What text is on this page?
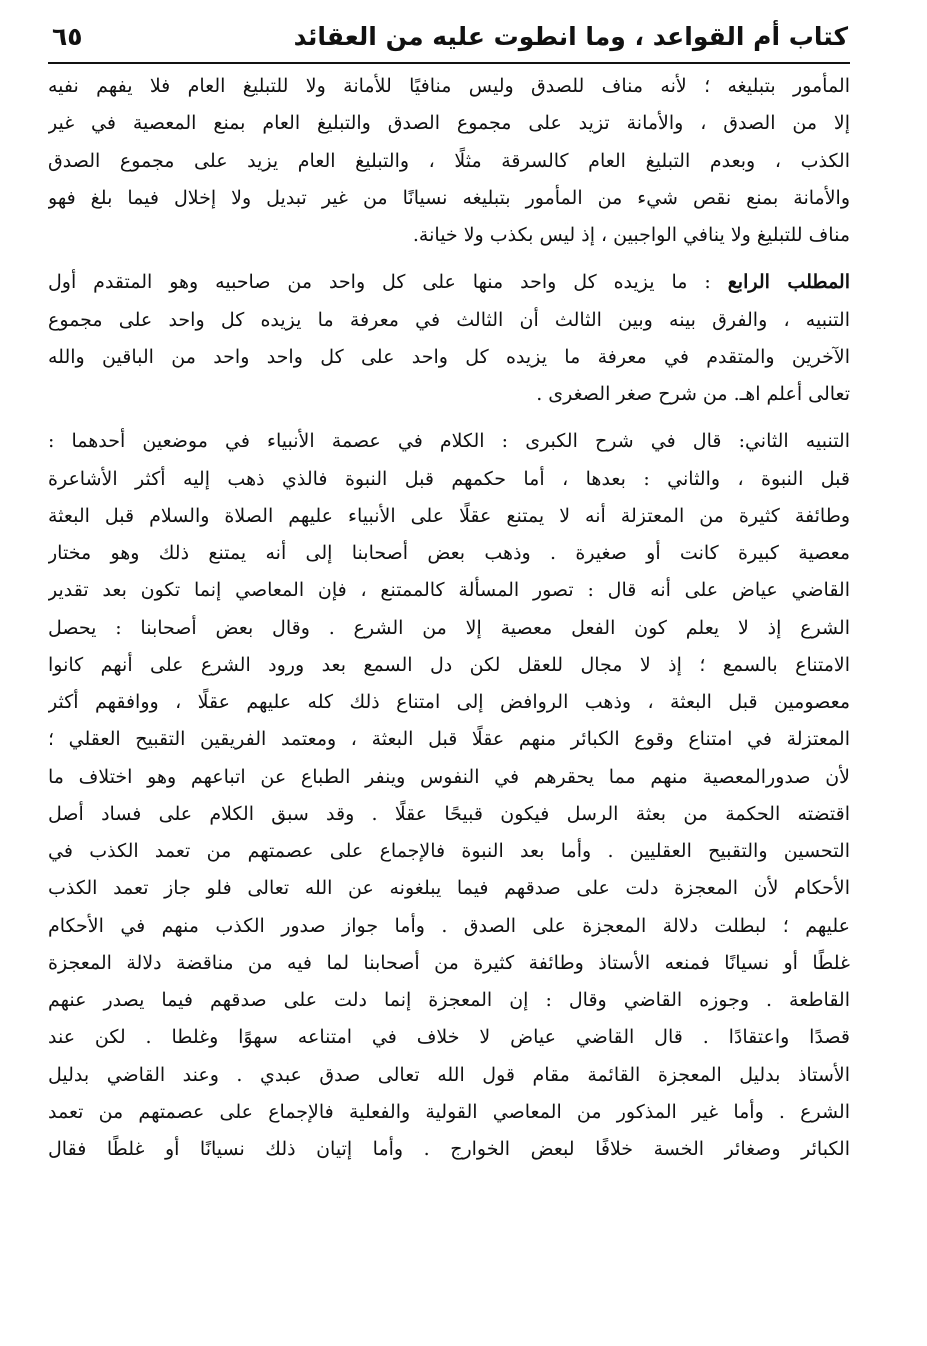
كتاب أم القواعد ، وما انطوت عليه من العقائد
٦٥
المأمور بتبليغه ؛ لأنه مناف للصدق وليس منافيًا للأمانة ولا للتبليغ العام فلا يفهم نفيه
إلا من الصدق ، والأمانة تزيد على مجموع الصدق والتبليغ العام بمنع المعصية في غير
الكذب ، وبعدم التبليغ العام كالسرقة مثلًا ، والتبليغ العام يزيد على مجموع الصدق
والأمانة بمنع نقص شيء من المأمور بتبليغه نسيانًا من غير تبديل ولا إخلال فيما بلغ فهو
مناف للتبليغ ولا ينافي الواجبين ، إذ ليس بكذب ولا خيانة.
المطلب الرابع : ما يزيده كل واحد منها على كل واحد من صاحبيه وهو المتقدم أول
التنبيه ، والفرق بينه وبين الثالث أن الثالث في معرفة ما يزيده كل واحد على مجموع
الآخرين والمتقدم في معرفة ما يزيده كل واحد على كل واحد واحد من الباقين والله
تعالى أعلم اهـ. من شرح صغر الصغرى .
التنبيه الثاني: قال في شرح الكبرى : الكلام في عصمة الأنبياء في موضعين أحدهما :
قبل النبوة ، والثاني : بعدها ، أما حكمهم قبل النبوة فالذي ذهب إليه أكثر الأشاعرة
وطائفة كثيرة من المعتزلة أنه لا يمتنع عقلًا على الأنبياء عليهم الصلاة والسلام قبل البعثة
معصية كبيرة كانت أو صغيرة . وذهب بعض أصحابنا إلى أنه يمتنع ذلك وهو مختار
القاضي عياض على أنه قال : تصور المسألة كالممتنع ، فإن المعاصي إنما تكون بعد تقدير
الشرع إذ لا يعلم كون الفعل معصية إلا من الشرع . وقال بعض أصحابنا : يحصل
الامتناع بالسمع ؛ إذ لا مجال للعقل لكن دل السمع بعد ورود الشرع على أنهم كانوا
معصومين قبل البعثة ، وذهب الروافض إلى امتناع ذلك كله عليهم عقلًا ، ووافقهم أكثر
المعتزلة في امتناع وقوع الكبائر منهم عقلًا قبل البعثة ، ومعتمد الفريقين التقبيح العقلي ؛
لأن صدورالمعصية منهم مما يحقرهم في النفوس وينفر الطباع عن اتباعهم وهو اختلاف ما
اقتضته الحكمة من بعثة الرسل فيكون قبيحًا عقلًا . وقد سبق الكلام على فساد أصل
التحسين والتقبيح العقليين . وأما بعد النبوة فالإجماع على عصمتهم من تعمد الكذب في
الأحكام لأن المعجزة دلت على صدقهم فيما يبلغونه عن الله تعالى فلو جاز تعمد الكذب
عليهم ؛ لبطلت دلالة المعجزة على الصدق . وأما جواز صدور الكذب منهم في الأحكام
غلطًا أو نسيانًا فمنعه الأستاذ وطائفة كثيرة من أصحابنا لما فيه من مناقضة دلالة المعجزة
القاطعة . وجوزه القاضي وقال : إن المعجزة إنما دلت على صدقهم فيما يصدر عنهم
قصدًا واعتقادًا . قال القاضي عياض لا خلاف في امتناعه سهوًا وغلطا . لكن عند
الأستاذ بدليل المعجزة القائمة مقام قول الله تعالى صدق عبدي . وعند القاضي بدليل
الشرع . وأما غير المذكور من المعاصي القولية والفعلية فالإجماع على عصمتهم من تعمد
الكبائر وصغائر الخسة خلافًا لبعض الخوارج . وأما إتيان ذلك نسيانًا أو غلطًا فقال
